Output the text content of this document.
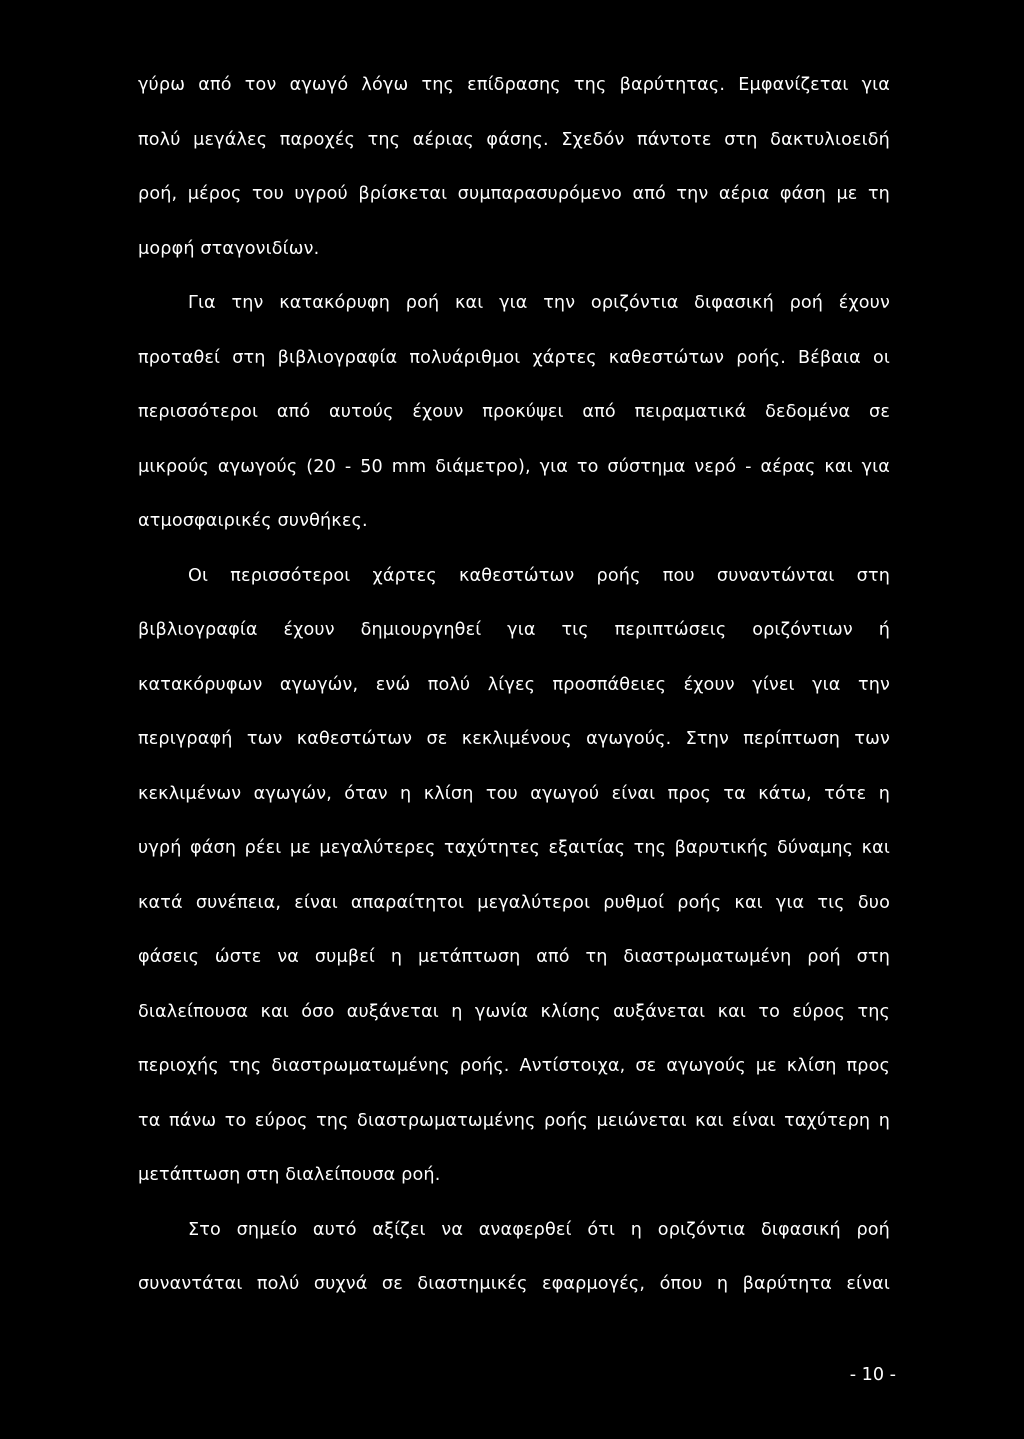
γύρω από τον αγωγό λόγω της επίδρασης της βαρύτητας. Εμφανίζεται για
πολύ μεγάλες παροχές της αέριας φάσης. Σχεδόν πάντοτε στη δακτυλιοειδή
ροή, μέρος του υγρού βρίσκεται συμπαρασυρόμενο από την αέρια φάση με τη
μορφή σταγονιδίων.
Για την κατακόρυφη ροή και για την οριζόντια διφασική ροή έχουν
προταθεί στη βιβλιογραφία πολυάριθμοι χάρτες καθεστώτων ροής. Βέβαια οι
περισσότεροι από αυτούς έχουν προκύψει από πειραματικά δεδομένα σε
μικρούς αγωγούς (20 - 50 mm διάμετρο), για το σύστημα νερό - αέρας και για
ατμοσφαιρικές συνθήκες.
Οι περισσότεροι χάρτες καθεστώτων ροής που συναντώνται στη
βιβλιογραφία έχουν δημιουργηθεί για τις περιπτώσεις οριζόντιων ή
κατακόρυφων αγωγών, ενώ πολύ λίγες προσπάθειες έχουν γίνει για την
περιγραφή των καθεστώτων σε κεκλιμένους αγωγούς. Στην περίπτωση των
κεκλιμένων αγωγών, όταν η κλίση του αγωγού είναι προς τα κάτω, τότε η
υγρή φάση ρέει με μεγαλύτερες ταχύτητες εξαιτίας της βαρυτικής δύναμης και
κατά συνέπεια, είναι απαραίτητοι μεγαλύτεροι ρυθμοί ροής και για τις δυο
φάσεις ώστε να συμβεί η μετάπτωση από τη διαστρωματωμένη ροή στη
διαλείπουσα και όσο αυξάνεται η γωνία κλίσης αυξάνεται και το εύρος της
περιοχής της διαστρωματωμένης ροής. Αντίστοιχα, σε αγωγούς με κλίση προς
τα πάνω το εύρος της διαστρωματωμένης ροής μειώνεται και είναι ταχύτερη η
μετάπτωση στη διαλείπουσα ροή.
Στο σημείο αυτό αξίζει να αναφερθεί ότι η οριζόντια διφασική ροή
συναντάται πολύ συχνά σε διαστημικές εφαρμογές, όπου η βαρύτητα είναι
- 10 -
